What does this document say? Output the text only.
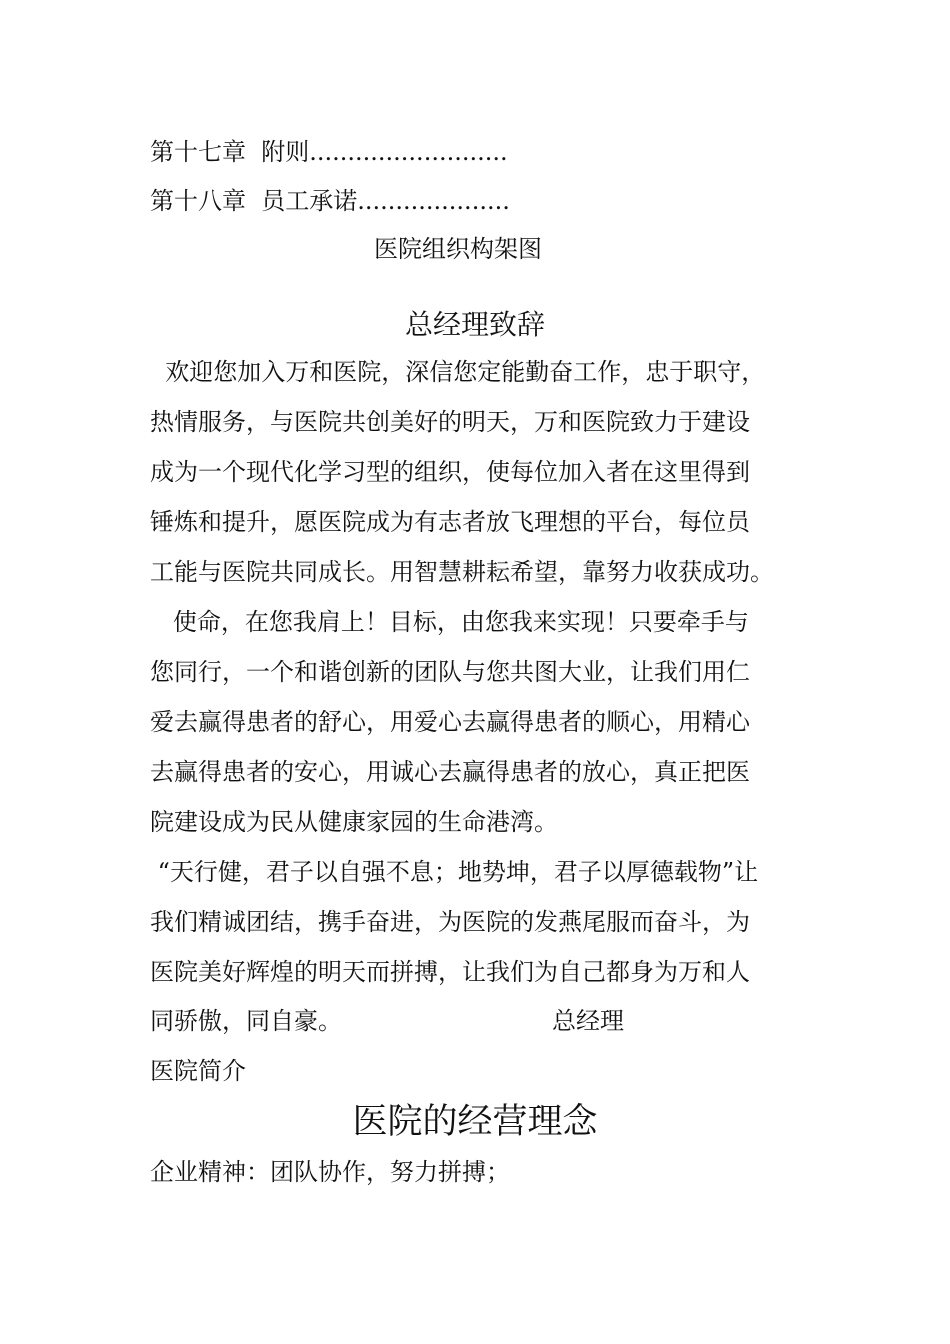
第十七章  附则..........................

第十八章  员工承诺....................

医院组织构架图

总经理致辞

欢迎您加入万和医院，深信您定能勤奋工作，忠于职守，

热情服务，与医院共创美好的明天，万和医院致力于建设

成为一个现代化学习型的组织，使每位加入者在这里得到

锤炼和提升，愿医院成为有志者放飞理想的平台，每位员

工能与医院共同成长。用智慧耕耘希望，靠努力收获成功。

使命，在您我肩上！目标，由您我来实现！只要牵手与

您同行，一个和谐创新的团队与您共图大业，让我们用仁

爱去赢得患者的舒心，用爱心去赢得患者的顺心，用精心

去赢得患者的安心，用诚心去赢得患者的放心，真正把医

院建设成为民从健康家园的生命港湾。

“天行健，君子以自强不息；地势坤，君子以厚德载物”让

我们精诚团结，携手奋进，为医院的发燕尾服而奋斗，为

医院美好辉煌的明天而拼搏，让我们为自己都身为万和人

同骄傲，同自豪。	总经理

医院简介

医院的经营理念

企业精神：团队协作，努力拼搏；
